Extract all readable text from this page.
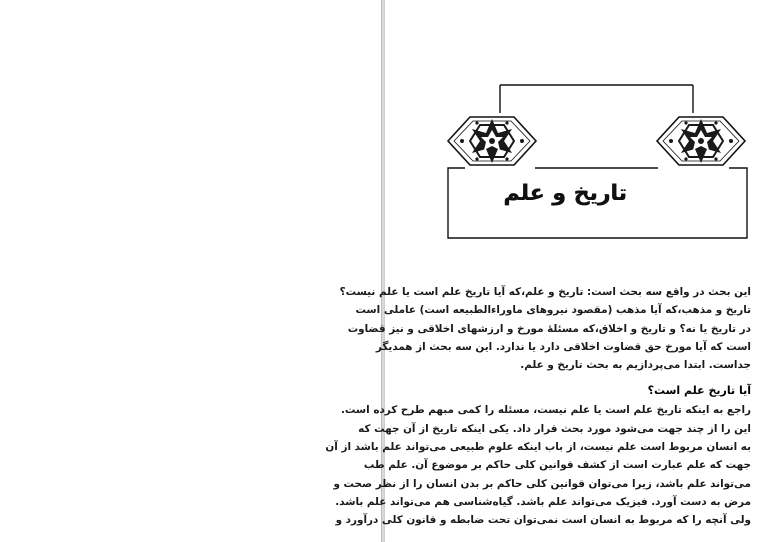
تاریخ و علم
این بحث در واقع سه بحث است: تاریخ و علم،که آیا تاریخ علم است یا علم نیست؟
تاریخ و مذهب،که آیا مذهب (مقصود نیروهای ماوراءالطبیعه است) عاملی است
در تاریخ یا نه؟ و تاریخ و اخلاق،که مسئلهٔ مورخ و ارزشهای اخلاقی و نیز قضاوت
است که آیا مورخ حق قضاوت اخلاقی دارد یا ندارد. این سه بحث از همدیگر
جداست. ابتدا می‌پردازیم به بحث تاریخ و علم.
آیا تاریخ علم است؟
راجع به اینکه تاریخ علم است یا علم نیست، مسئله را کمی مبهم طرح کرده است.
این را از چند جهت می‌شود مورد بحث قرار داد. یکی اینکه تاریخ از آن جهت که
به انسان مربوط است علم نیست، از باب اینکه علوم طبیعی می‌تواند علم باشد از آن
جهت که علم عبارت است از کشف قوانین کلی حاکم بر موضوع آن. علم طب
می‌تواند علم باشد، زیرا می‌توان قوانین کلی حاکم بر بدن انسان را از نظر صحت و
مرض به دست آورد. فیزیک می‌تواند علم باشد. گیاه‌شناسی هم می‌تواند علم باشد.
ولی آنچه را که مربوط به انسان است نمی‌توان تحت ضابطه و قانون کلی درآورد و
